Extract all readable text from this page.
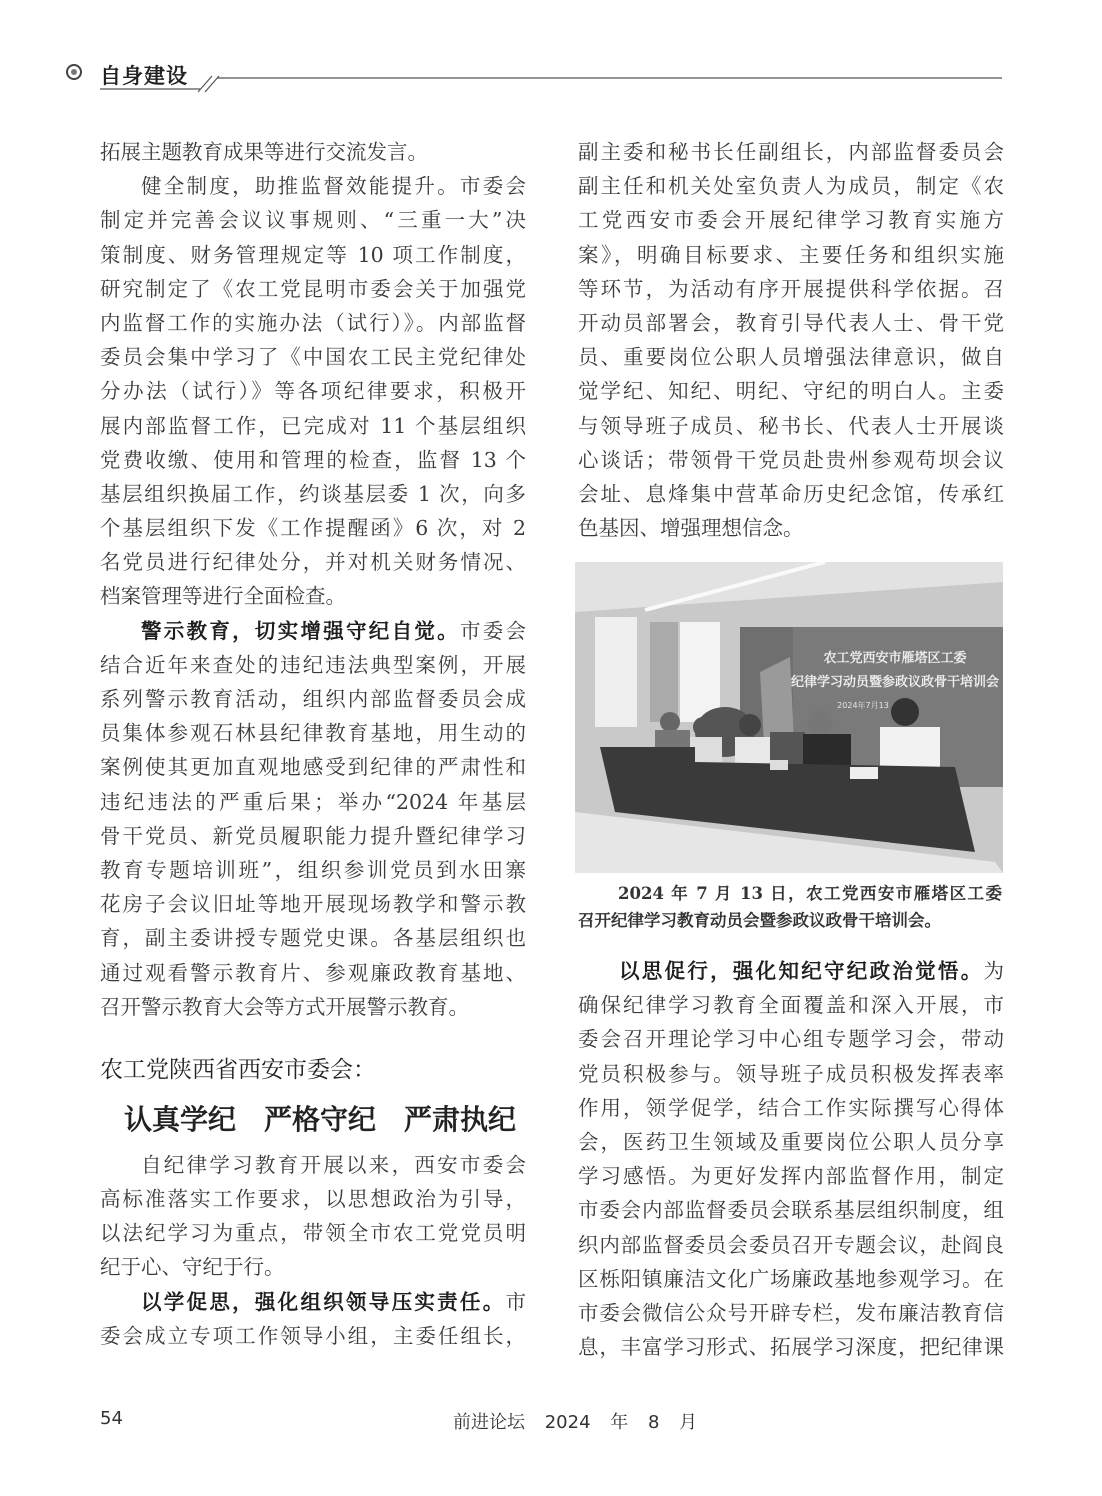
自身建设
拓展主题教育成果等进行交流发言。
健全制度，助推监督效能提升。市委会
制定并完善会议议事规则、“三重一大”决
策制度、财务管理规定等 10 项工作制度，
研究制定了《农工党昆明市委会关于加强党
内监督工作的实施办法（试行）》。内部监督
委员会集中学习了《中国农工民主党纪律处
分办法（试行）》等各项纪律要求，积极开
展内部监督工作，已完成对 11 个基层组织
党费收缴、使用和管理的检查，监督 13 个
基层组织换届工作，约谈基层委 1 次，向多
个基层组织下发《工作提醒函》6 次，对 2
名党员进行纪律处分，并对机关财务情况、
档案管理等进行全面检查。
警示教育，切实增强守纪自觉。市委会
结合近年来查处的违纪违法典型案例，开展
系列警示教育活动，组织内部监督委员会成
员集体参观石林县纪律教育基地，用生动的
案例使其更加直观地感受到纪律的严肃性和
违纪违法的严重后果；举办“2024 年基层
骨干党员、新党员履职能力提升暨纪律学习
教育专题培训班”，组织参训党员到水田寨
花房子会议旧址等地开展现场教学和警示教
育，副主委讲授专题党史课。各基层组织也
通过观看警示教育片、参观廉政教育基地、
召开警示教育大会等方式开展警示教育。
农工党陕西省西安市委会：
认真学纪　严格守纪　严肃执纪
自纪律学习教育开展以来，西安市委会
高标准落实工作要求，以思想政治为引导，
以法纪学习为重点，带领全市农工党党员明
纪于心、守纪于行。
以学促思，强化组织领导压实责任。市
委会成立专项工作领导小组，主委任组长，
副主委和秘书长任副组长，内部监督委员会
副主任和机关处室负责人为成员，制定《农
工党西安市委会开展纪律学习教育实施方
案》，明确目标要求、主要任务和组织实施
等环节，为活动有序开展提供科学依据。召
开动员部署会，教育引导代表人士、骨干党
员、重要岗位公职人员增强法律意识，做自
觉学纪、知纪、明纪、守纪的明白人。主委
与领导班子成员、秘书长、代表人士开展谈
心谈话；带领骨干党员赴贵州参观苟坝会议
会址、息烽集中营革命历史纪念馆，传承红
色基因、增强理想信念。
农工党西安市雁塔区工委
纪律学习动员暨参政议政骨干培训会
2024年7月13
2024 年 7 月 13 日，农工党西安市雁塔区工委
召开纪律学习教育动员会暨参政议政骨干培训会。
以思促行，强化知纪守纪政治觉悟。为
确保纪律学习教育全面覆盖和深入开展，市
委会召开理论学习中心组专题学习会，带动
党员积极参与。领导班子成员积极发挥表率
作用，领学促学，结合工作实际撰写心得体
会，医药卫生领域及重要岗位公职人员分享
学习感悟。为更好发挥内部监督作用，制定
市委会内部监督委员会联系基层组织制度，组
织内部监督委员会委员召开专题会议，赴阎良
区栎阳镇廉洁文化广场廉政基地参观学习。在
市委会微信公众号开辟专栏，发布廉洁教育信
息，丰富学习形式、拓展学习深度，把纪律课
54	前进论坛 2024 年 8 月
